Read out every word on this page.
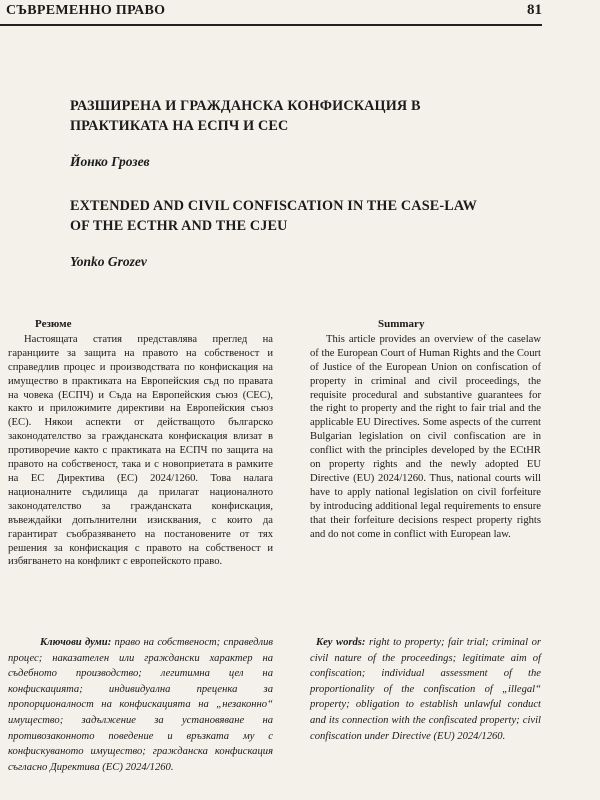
СЪВРЕМЕННО ПРАВО	81
РАЗШИРЕНА И ГРАЖДАНСКА КОНФИСКАЦИЯ В
ПРАКТИКАТА НА ЕСПЧ И СЕС
Йонко Грозев
EXTENDED AND CIVIL CONFISCATION IN THE CASE-LAW
OF THE ECTHR AND THE CJEU
Yonko Grozev
Резюме

Настоящата статия представлява преглед на гаранциите за защита на правото на собственост и справедлив процес и производствата по конфискация на имущество в практиката на Европейския съд по правата на човека (ЕСПЧ) и Съда на Европейския съюз (СЕС), както и приложимите директиви на Европейския съюз (ЕС). Някои аспекти от действащото българско законодателство за гражданската конфискация влизат в противоречие както с практиката на ЕСПЧ по защита на правото на собственост, така и с новоприетата в рамките на ЕС Директива (ЕС) 2024/1260. Това налага националните съдилища да прилагат националното законодателство за гражданската конфискация, въвеждайки допълнителни изисквания, с които да гарантират съобразяването на постановените от тях решения за конфискация с правото на собственост и избягването на конфликт с европейското право.

Summary

This article provides an overview of the caselaw of the European Court of Human Rights and the Court of Justice of the European Union on confiscation of property in criminal and civil proceedings, the requisite procedural and substantive guarantees for the right to property and the right to fair trial and the applicable EU Directives. Some aspects of the current Bulgarian legislation on civil confiscation are in conflict with the principles developed by the ECtHR on property rights and the newly adopted EU Directive (EU) 2024/1260. Thus, national courts will have to apply national legislation on civil forfeiture by introducing additional legal requirements to ensure that their forfeiture decisions respect property rights and do not come in conflict with European law.

Ключови думи: право на собственост; справедлив процес; наказателен или граждански характер на съдебното производство; легитимна цел на конфискацията; индивидуална преценка за пропорционалност на конфискацията на „незаконно“ имущество; задължение за установяване на противозаконното поведение и връзката му с конфискуваното имущество; гражданска конфискация съгласно Директива (ЕС) 2024/1260.
Key words: right to property; fair trial; criminal or civil nature of the proceedings; legitimate aim of confiscation; individual assessment of the proportionality of the confiscation of „illegal“ property; obligation to establish unlawful conduct and its connection with the confiscated property; civil confiscation under Directive (EU) 2024/1260.
